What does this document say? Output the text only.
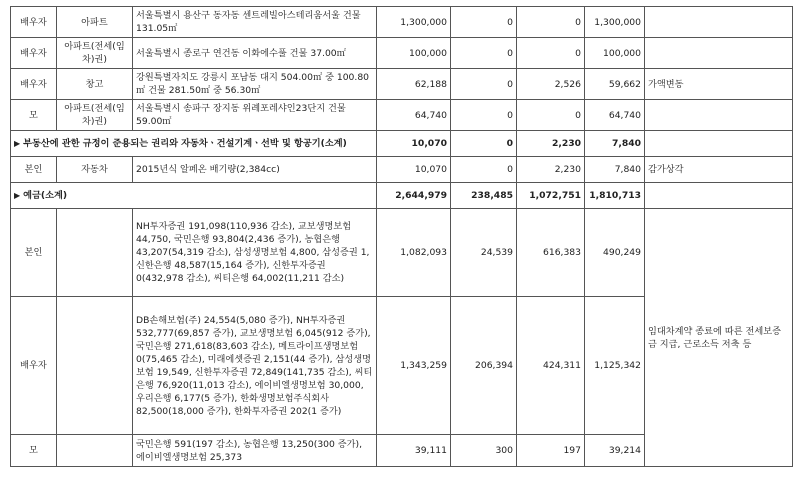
배우자	아파트	서울특별시 용산구 동자동 센트레빌아스테리움서울 건물 131.05㎡	1,300,000	0	0	1,300,000	
배우자	아파트(전세(임차)권)	서울특별시 종로구 연건동 이화에수풀 건물 37.00㎡	100,000	0	0	100,000	
배우자	창고	강원특별자치도 강릉시 포남동 대지 504.00㎡ 중 100.80㎡ 건물 281.50㎡ 중 56.30㎡	62,188	0	2,526	59,662	가액변동
모	아파트(전세(임차)권)	서울특별시 송파구 장지동 위례포레샤인23단지 건물 59.00㎡	64,740	0	0	64,740	
▶ 부동산에 관한 규정이 준용되는 권리와 자동차ㆍ건설기계ㆍ선박 및 항공기(소계)			10,070	0	2,230	7,840	
본인	자동차	2015년식 알페온 배기량(2,384cc)	10,070	0	2,230	7,840	감가상각
▶ 예금(소계)			2,644,979	238,485	1,072,751	1,810,713	
본인		NH투자증권 191,098(110,936 감소), 교보생명보험 44,750, 국민은행 93,804(2,436 증가), 농협은행 43,207(54,319 감소), 삼성생명보험 4,800, 삼성증권 1, 신한은행 48,587(15,164 증가), 신한투자증권 0(432,978 감소), 씨티은행 64,002(11,211 감소)	1,082,093	24,539	616,383	490,249	임대차계약 종료에 따른 전세보증금 지급, 근로소득 저축 등
배우자		DB손해보험(주) 24,554(5,080 증가), NH투자증권 532,777(69,857 증가), 교보생명보험 6,045(912 증가), 국민은행 271,618(83,603 감소), 메트라이프생명보험 0(75,465 감소), 미래에셋증권 2,151(44 증가), 삼성생명보험 19,549, 신한투자증권 72,849(141,735 감소), 씨티은행 76,920(11,013 감소), 에이비엘생명보험 30,000, 우리은행 6,177(5 증가), 한화생명보험주식회사 82,500(18,000 증가), 한화투자증권 202(1 증가)	1,343,259	206,394	424,311	1,125,342	
모		국민은행 591(197 감소), 농협은행 13,250(300 증가), 에이비엘생명보험 25,373	39,111	300	197	39,214	
